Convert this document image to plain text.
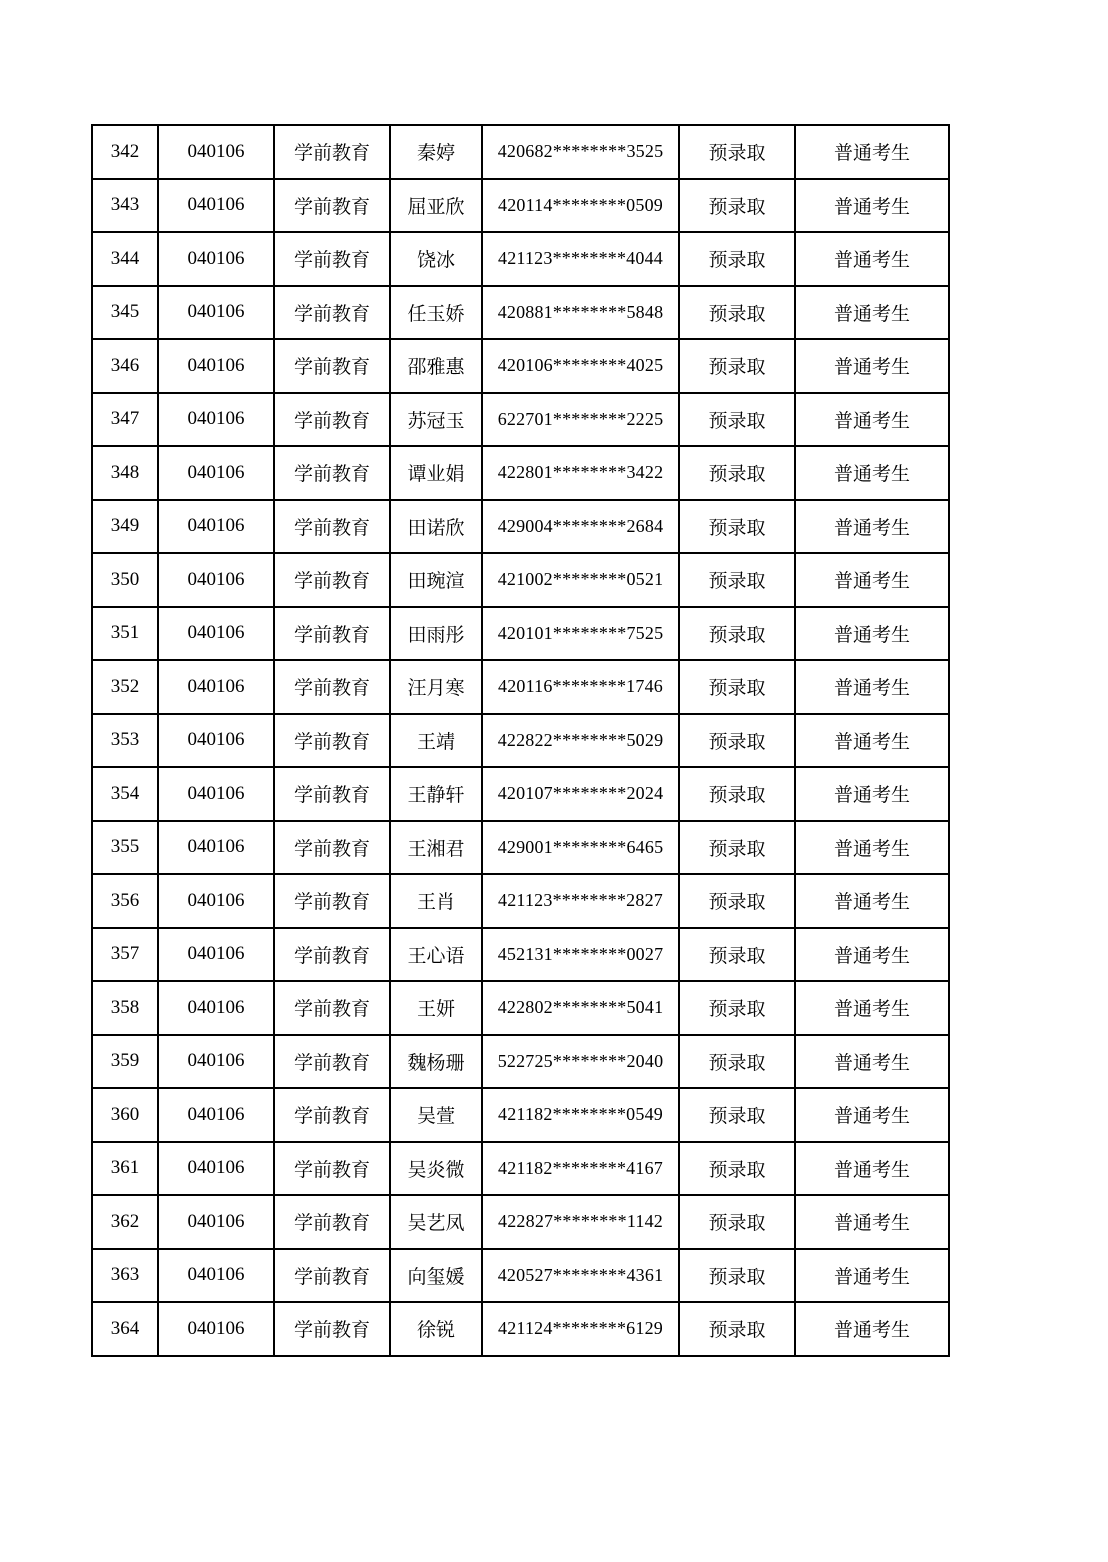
342	040106	学前教育	秦婷	420682********3525	预录取	普通考生
343	040106	学前教育	屈亚欣	420114********0509	预录取	普通考生
344	040106	学前教育	饶冰	421123********4044	预录取	普通考生
345	040106	学前教育	任玉娇	420881********5848	预录取	普通考生
346	040106	学前教育	邵雅惠	420106********4025	预录取	普通考生
347	040106	学前教育	苏冠玉	622701********2225	预录取	普通考生
348	040106	学前教育	谭业娟	422801********3422	预录取	普通考生
349	040106	学前教育	田诺欣	429004********2684	预录取	普通考生
350	040106	学前教育	田琬渲	421002********0521	预录取	普通考生
351	040106	学前教育	田雨彤	420101********7525	预录取	普通考生
352	040106	学前教育	汪月寒	420116********1746	预录取	普通考生
353	040106	学前教育	王靖	422822********5029	预录取	普通考生
354	040106	学前教育	王静轩	420107********2024	预录取	普通考生
355	040106	学前教育	王湘君	429001********6465	预录取	普通考生
356	040106	学前教育	王肖	421123********2827	预录取	普通考生
357	040106	学前教育	王心语	452131********0027	预录取	普通考生
358	040106	学前教育	王妍	422802********5041	预录取	普通考生
359	040106	学前教育	魏杨珊	522725********2040	预录取	普通考生
360	040106	学前教育	吴萱	421182********0549	预录取	普通考生
361	040106	学前教育	吴炎微	421182********4167	预录取	普通考生
362	040106	学前教育	吴艺凤	422827********1142	预录取	普通考生
363	040106	学前教育	向玺媛	420527********4361	预录取	普通考生
364	040106	学前教育	徐锐	421124********6129	预录取	普通考生
